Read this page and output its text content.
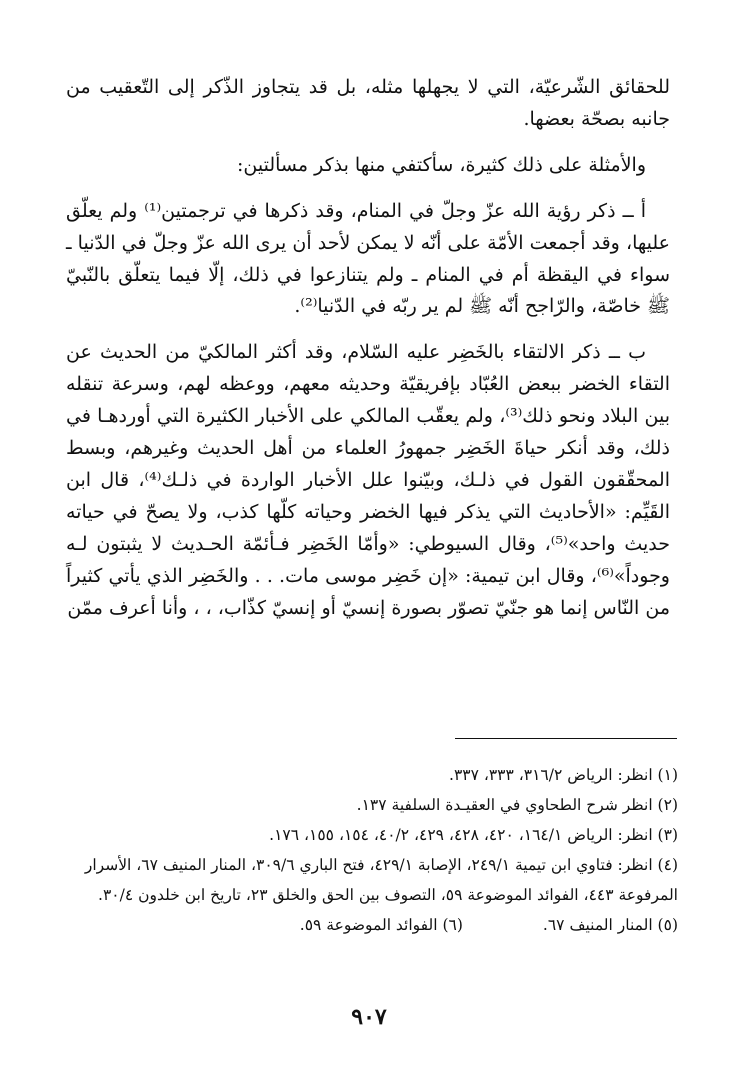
للحقائق الشّرعيّة، التي لا يجهلها مثله، بل قد يتجاوز الذّكر إلى التّعقيب من جانبه بصحّة بعضها.

والأمثلة على ذلك كثيرة، سأكتفي منها بذكر مسألتين:

أ ــ ذكر رؤية الله عزّ وجلّ في المنام، وقد ذكرها في ترجمتين⁽¹⁾ ولم يعلّق عليها، وقد أجمعت الأمّة على أنّه لا يمكن لأحد أن يرى الله عزّ وجلّ في الدّنيا ـ سواء في اليقظة أم في المنام ـ ولم يتنازعوا في ذلك، إلّا فيما يتعلّق بالنّبيّ ﷺ خاصّة، والرّاجح أنّه ﷺ لم ير ربّه في الدّنيا⁽²⁾.

ب ــ ذكر الالتقاء بالخَضِر عليه السّلام، وقد أكثر المالكيّ من الحديث عن التقاء الخضر ببعض العُبّاد بإفريقيّة وحديثه معهم، ووعظه لهم، وسرعة تنقله بين البلاد ونحو ذلك⁽³⁾، ولم يعقّب المالكي على الأخبار الكثيرة التي أوردهـا في ذلك، وقد أنكر حياةَ الخَضِر جمهورُ العلماء من أهل الحديث وغيرهم، وبسط المحقّقون القول في ذلـك، وبيّنوا علل الأخبار الواردة في ذلـك⁽⁴⁾، قال ابن القَيِّم: «الأحاديث التي يذكر فيها الخضر وحياته كلّها كذب، ولا يصحّ في حياته حديث واحد»⁽⁵⁾، وقال السيوطي: «وأمّا الخَضِر فـأئمّة الحـديث لا يثبتون لـه وجوداً»⁽⁶⁾، وقال ابن تيمية: «إن خَضِر موسى مات. . . والخَضِر الذي يأتي كثيراً من النّاس إنما هو جنّيّ تصوّر بصورة إنسيّ أو إنسيّ كذّاب، ، ، وأنا أعرف ممّن

(١) انظر: الرياض ٣١٦/٢، ٣٣٣، ٣٣٧.

(٢) انظر شرح الطحاوي في العقيـدة السلفية ١٣٧.

(٣) انظر: الرياض ١٦٤/١، ٤٢٠، ٤٢٨، ٤٢٩، ٤٠/٢، ١٥٤، ١٥٥، ١٧٦.

(٤) انظر: فتاوي ابن تيمية ٢٤٩/١، الإصابة ٤٢٩/١، فتح الباري ٣٠٩/٦، المنار المنيف ٦٧، الأسرار المرفوعة ٤٤٣، الفوائد الموضوعة ٥٩، التصوف بين الحق والخلق ٢٣، تاريخ ابن خلدون ٣٠/٤.

(٥) المنار المنيف ٦٧.
(٦) الفوائد الموضوعة ٥٩.
٩٠٧
